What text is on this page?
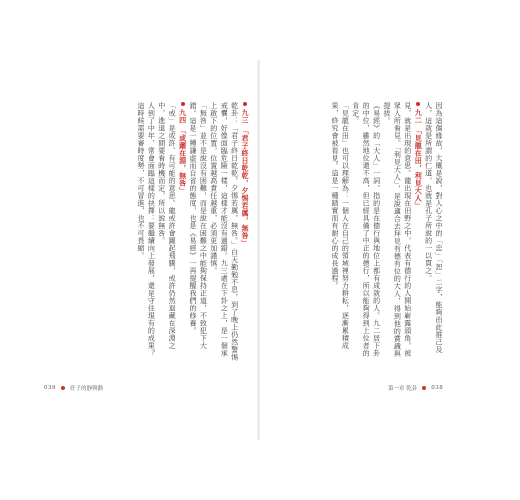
九三 「君子終日乾乾，夕惕若厲，無咎」
乾卦：「君子終日乾乾，夕惕若厲，無咎。」白天勤勉不息，到了晚上仍然警惕戒懼，好像面臨危險一樣，這樣才能沒有過錯。九三處在下卦之上，是一個承上啟下的位置，位置越高責任越重，必須更加謹慎。
「無咎」並不是說沒有困難，而是說在困難之中能夠保持正道，不致犯下大錯。這是一種謙虛而自省的態度，也是《易經》一再提醒我們的修養。
九四 「或躍在淵，無咎」
「或」是或許、有可能的意思。龍或許會躍起飛騰，或許仍然退藏在深淵之中，進退之間要看時機而定，所以說無咎。
人到了中年，常會面臨這樣的抉擇：要繼續向上發展，還是守住現有的成果？這時候需要審時度勢，不可冒進，也不可畏縮。
039	莊子的靜與動
因為這個緣故，大概是說，對人心之中的「忠」「恕」二字，能夠由此推己及人，這就是所謂的仁道，也就是孔子所說的一以貫之。
九二 「見龍在田，利見大人」
見，就是出現的意思。龍出現在田野之中，代表有德行的人開始嶄露頭角，被眾人所看見。「利見大人」，是說適合去拜見有德有位的大人，得到他的賞識與提拔。
《易經》的「大人」一詞，指的是在德行與地位上都有成就的人。九二居下卦的中位，雖然地位還不高，但已經具備了中正的德行，所以能夠得到上位者的肯定。
「見龍在田」也可以理解為：一個人在自己的領域裡努力耕耘，逐漸累積成果，終究會被看見。這是一種踏實而有耐心的成長過程。
第一章 乾卦	038
